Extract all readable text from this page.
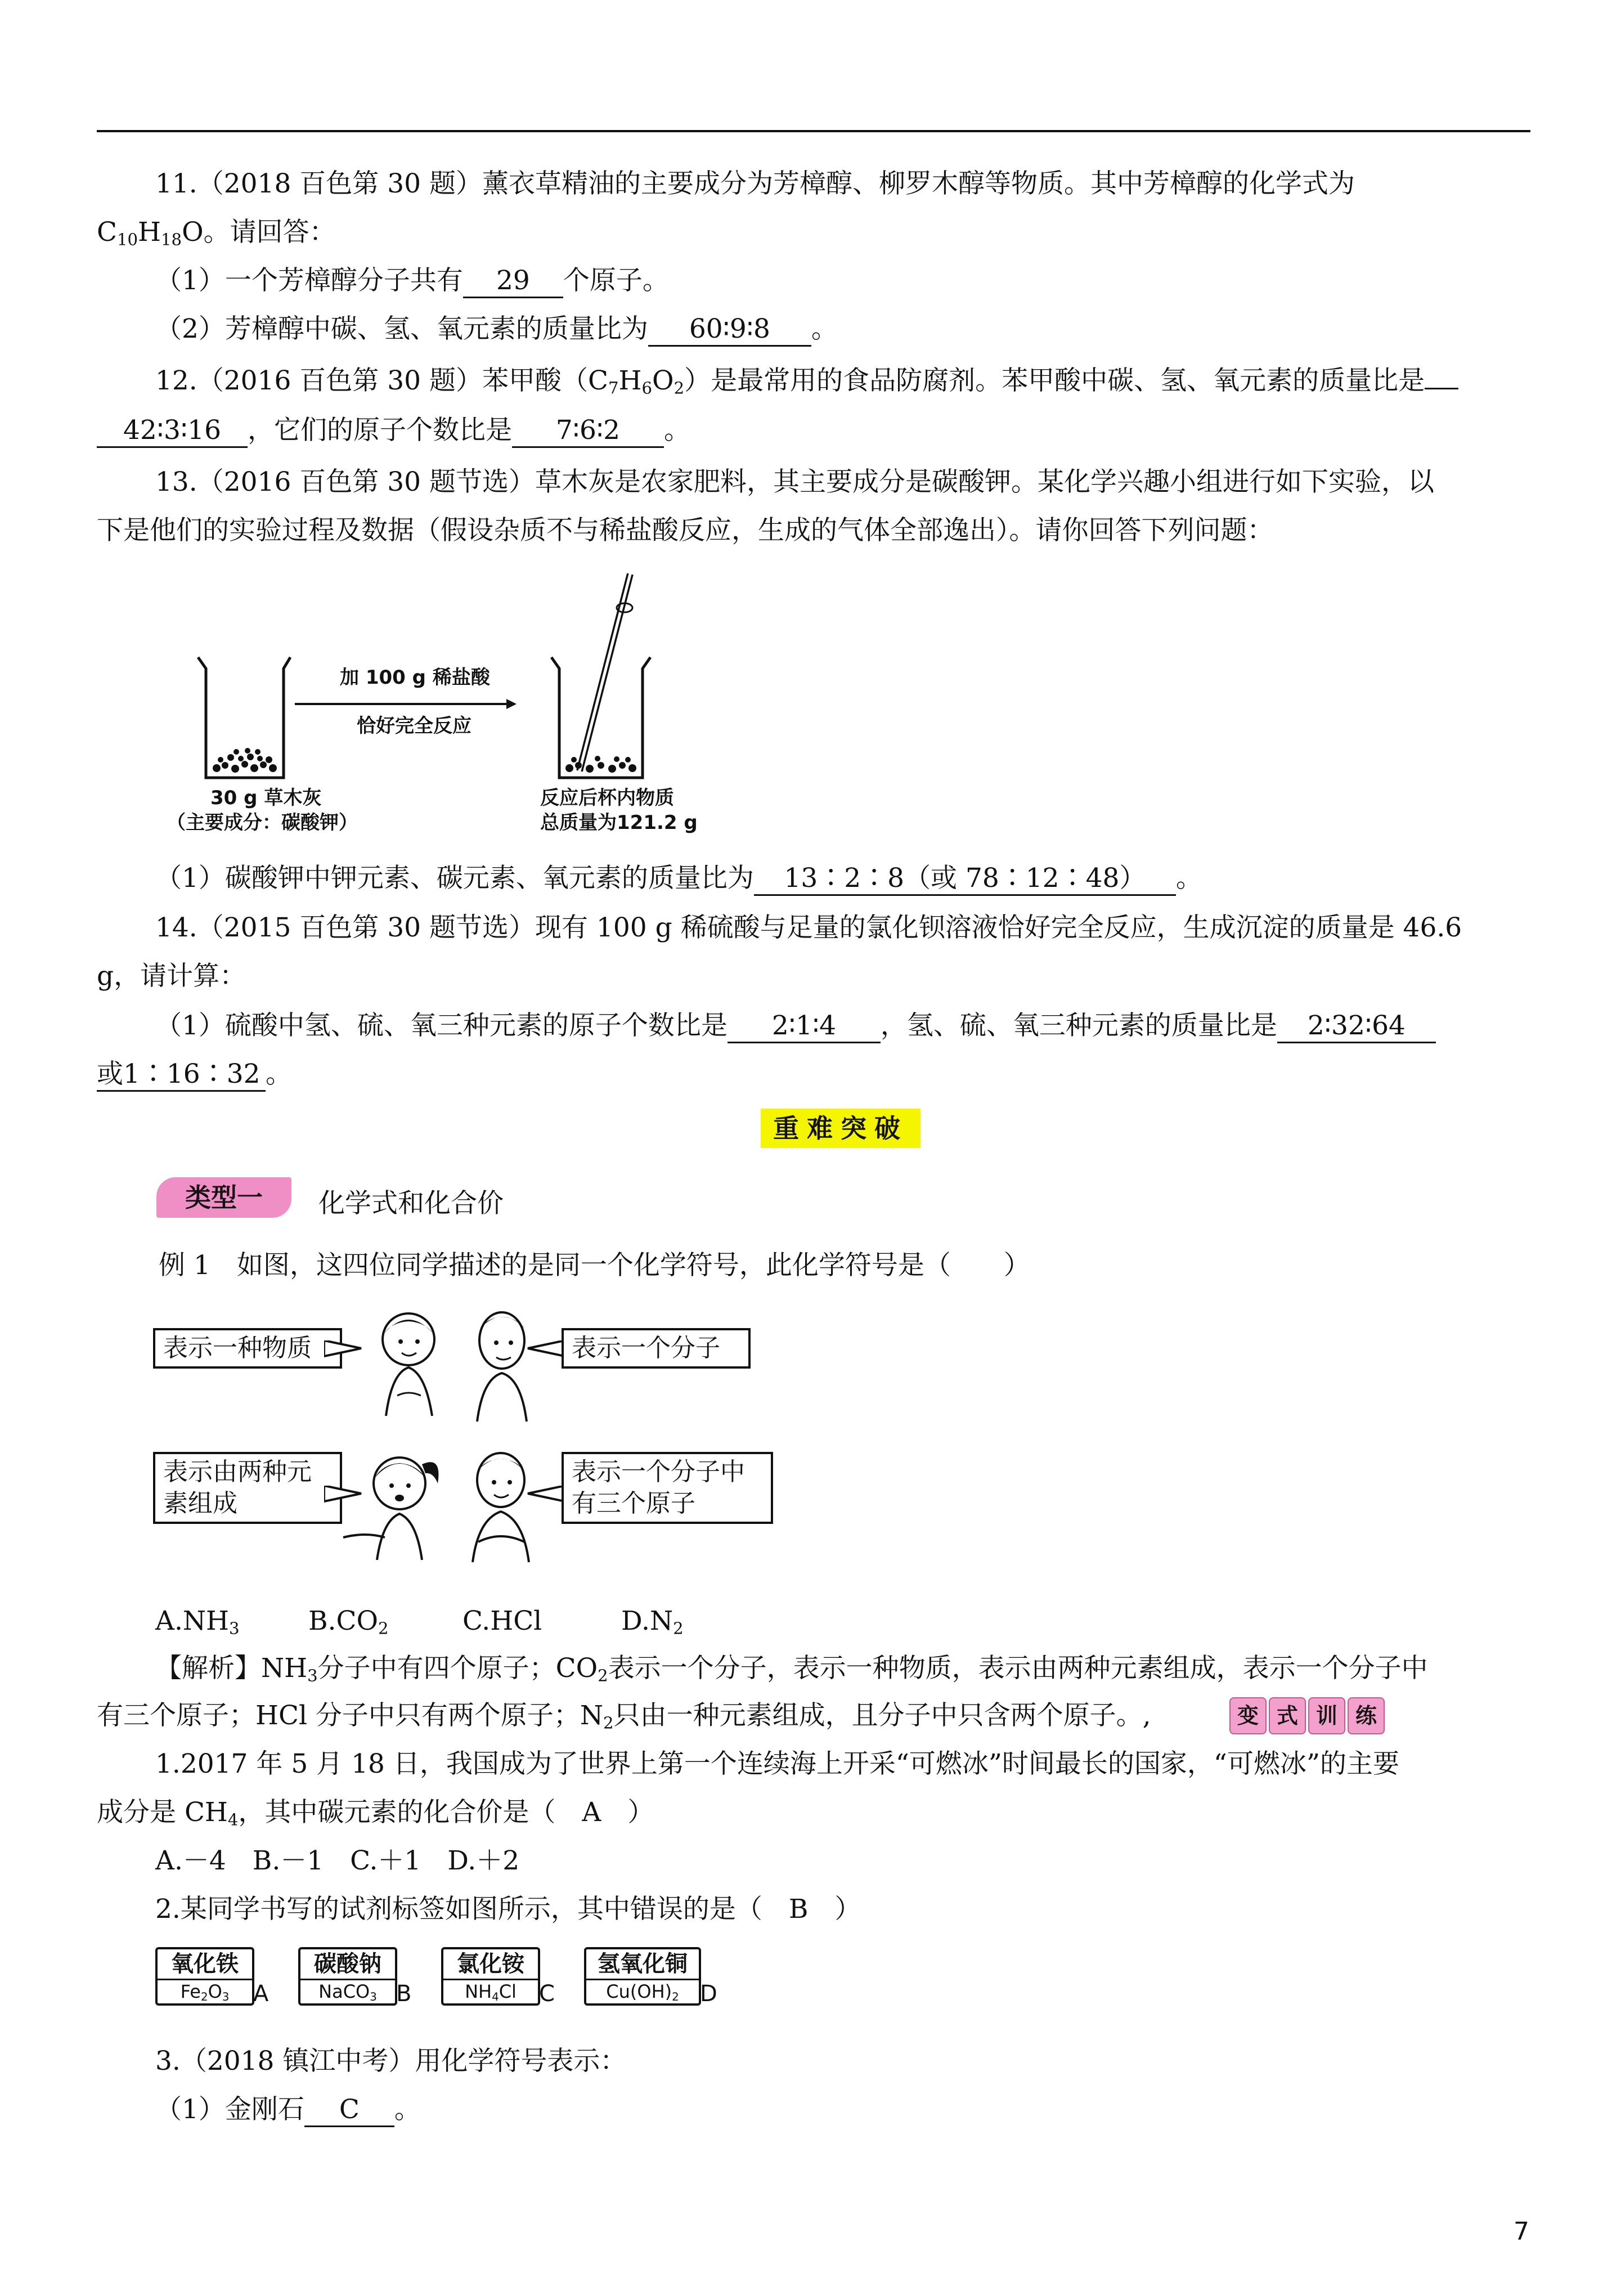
11.（2018 百色第 30 题）薰衣草精油的主要成分为芳樟醇、柳罗木醇等物质。其中芳樟醇的化学式为
$C_{10}H_{18}O$。请回答：
（1）一个芳樟醇分子共有 29 个原子。
（2）芳樟醇中碳、氢、氧元素的质量比为 60∶9∶8 。
12.（2016 百色第 30 题）苯甲酸$(C_7H_6O_2)$是最常用的食品防腐剂。苯甲酸中碳、氢、氧元素的质量比是
42∶3∶16 ，它们的原子个数比是 7∶6∶2 。
13.（2016 百色第 30 题节选）草木灰是农家肥料，其主要成分是碳酸钾。某化学兴趣小组进行如下实验，以
下是他们的实验过程及数据（假设杂质不与稀盐酸反应，生成的气体全部逸出）。请你回答下列问题：
加 100 g 稀盐酸
恰好完全反应
30 g 草木灰
（主要成分：碳酸钾）
反应后杯内物质
总质量为121.2 g
（1）碳酸钾中钾元素、碳元素、氧元素的质量比为 13∶2∶8（或 78∶12∶48） 。
14.（2015 百色第 30 题节选）现有 100 g 稀硫酸与足量的氯化钡溶液恰好完全反应，生成沉淀的质量是 46.6
g，请计算：
（1）硫酸中氢、硫、氧三种元素的原子个数比是 2∶1∶4 ，氢、硫、氧三种元素的质量比是 2∶32∶64
或1∶16∶32 。
重难突破
类型一	化学式和化合价
例 1　如图，这四位同学描述的是同一个化学符号，此化学符号是（　　）
表示一种物质	表示一个分子
表示由两种元素组成
表示一个分子中有三个原子
$A.NH_3$	$B.CO_2$	C.HCl	$D.N_2$
【解析】$NH_3$分子中有四个原子；$CO_2$表示一个分子，表示一种物质，表示由两种元素组成，表示一个分子中
有三个原子；HCl 分子中只有两个原子；$N_2$只由一种元素组成，且分子中只含两个原子。,	变 式 训 练
1.2017 年 5 月 18 日，我国成为了世界上第一个连续海上开采“可燃冰”时间最长的国家，“可燃冰”的主要
成分是 $CH_4$，其中碳元素的化合价是（　A　）
A.－4　B.－1　C.＋1　D.＋2
2.某同学书写的试剂标签如图所示，其中错误的是（　B　）
氧化铁
$Fe_2O_3$	A
碳酸钠
NaCO$_3$ B
氯化铵
$NH_4Cl$	C
氢氧化铜
$Cu(OH)_2$ D
3.（2018 镇江中考）用化学符号表示：
（1）金刚石 C 。
7
